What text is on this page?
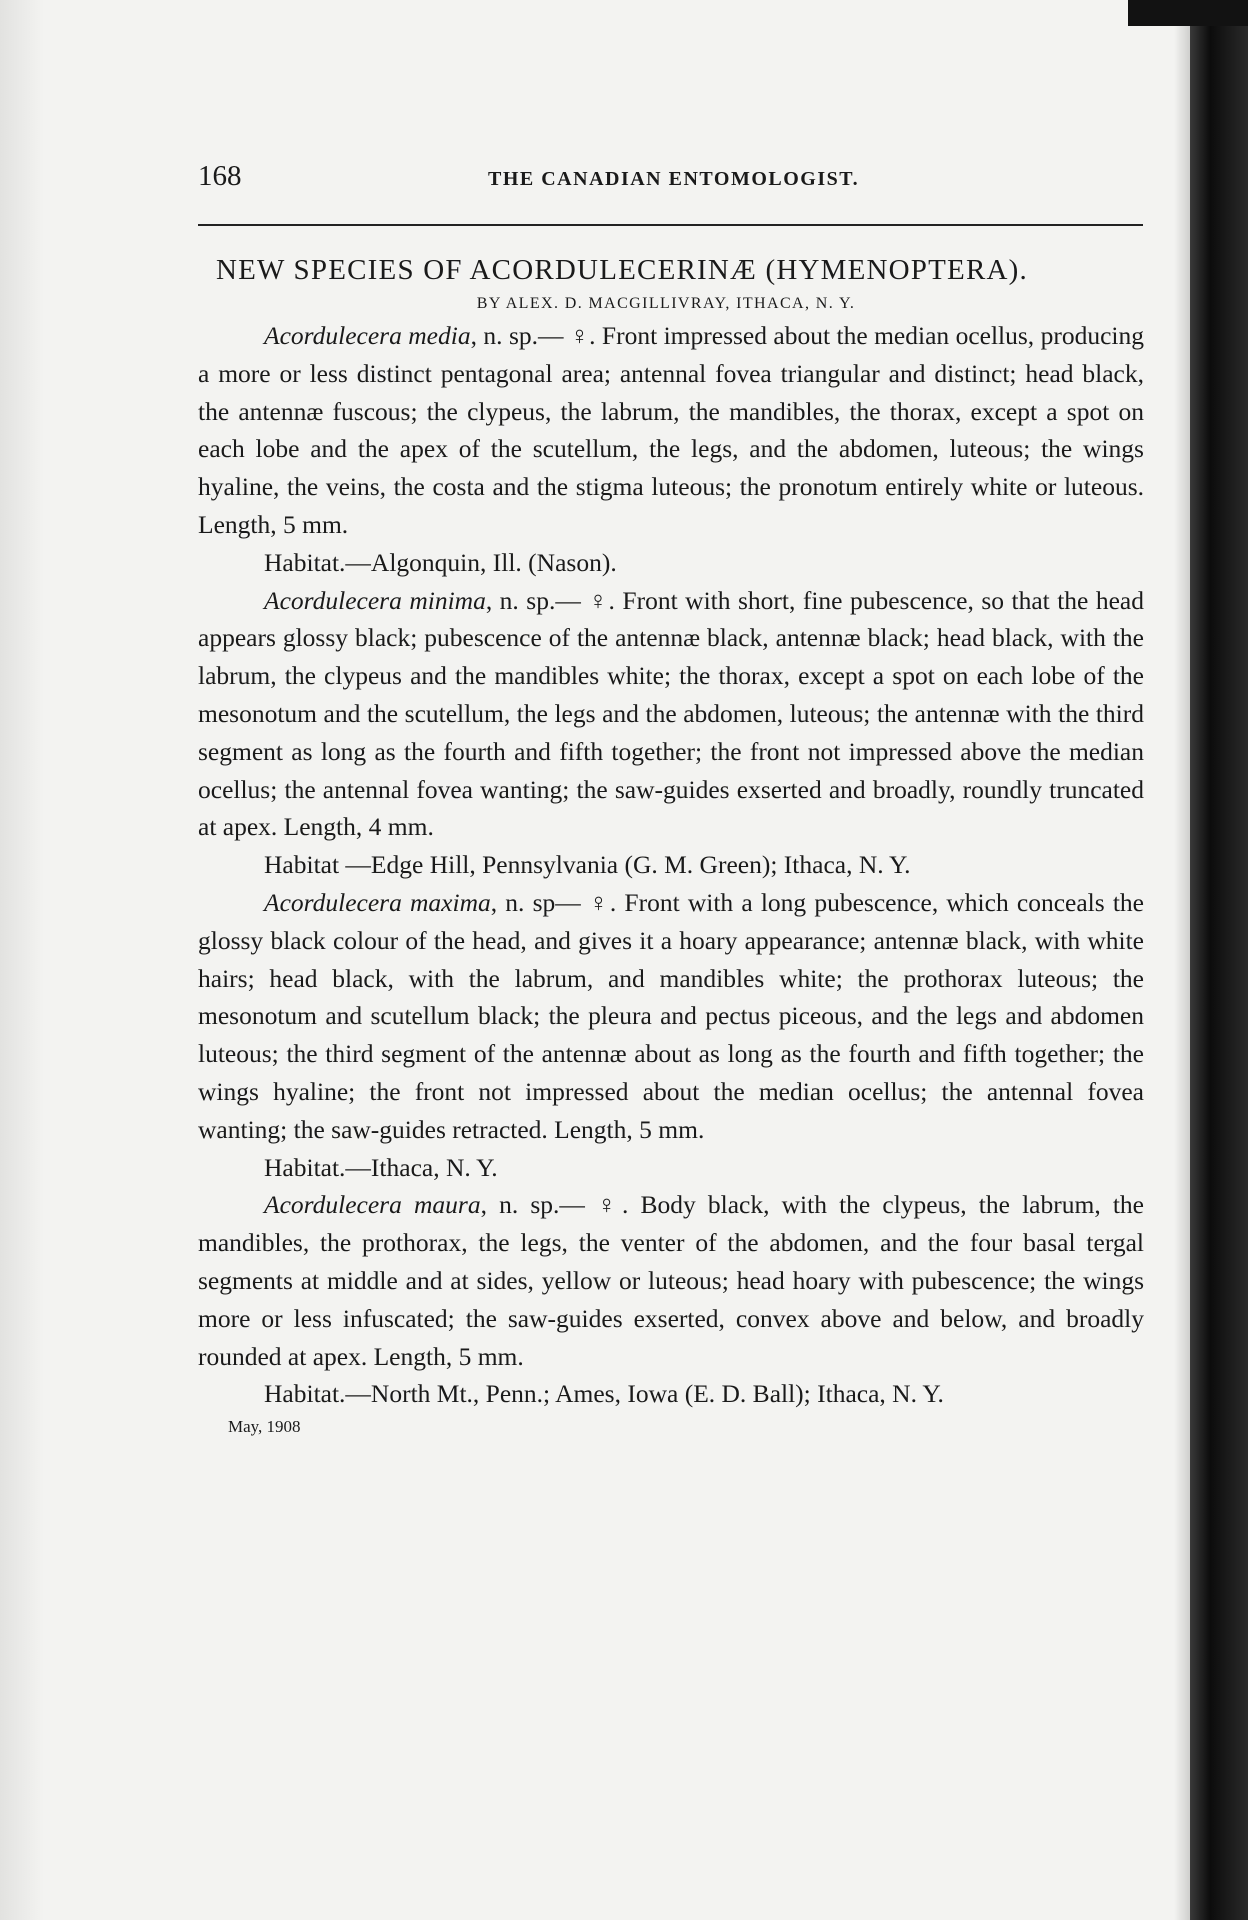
168	THE CANADIAN ENTOMOLOGIST.
NEW SPECIES OF ACORDULECERINÆ (HYMENOPTERA).
BY ALEX. D. MACGILLIVRAY, ITHACA, N. Y.

Acordulecera media, n. sp.— ♀. Front impressed about the median ocellus, producing a more or less distinct pentagonal area; antennal fovea triangular and distinct; head black, the antennæ fuscous; the clypeus, the labrum, the mandibles, the thorax, except a spot on each lobe and the apex of the scutellum, the legs, and the abdomen, luteous; the wings hyaline, the veins, the costa and the stigma luteous; the pronotum entirely white or luteous. Length, 5 mm.

Habitat.—Algonquin, Ill. (Nason).

Acordulecera minima, n. sp.— ♀. Front with short, fine pubescence, so that the head appears glossy black; pubescence of the antennæ black, antennæ black; head black, with the labrum, the clypeus and the mandibles white; the thorax, except a spot on each lobe of the mesonotum and the scutellum, the legs and the abdomen, luteous; the antennæ with the third segment as long as the fourth and fifth together; the front not impressed above the median ocellus; the antennal fovea wanting; the saw-guides exserted and broadly, roundly truncated at apex. Length, 4 mm.

Habitat —Edge Hill, Pennsylvania (G. M. Green); Ithaca, N. Y.

Acordulecera maxima, n. sp— ♀. Front with a long pubescence, which conceals the glossy black colour of the head, and gives it a hoary appearance; antennæ black, with white hairs; head black, with the labrum, and mandibles white; the prothorax luteous; the mesonotum and scutellum black; the pleura and pectus piceous, and the legs and abdomen luteous; the third segment of the antennæ about as long as the fourth and fifth together; the wings hyaline; the front not impressed about the median ocellus; the antennal fovea wanting; the saw-guides retracted. Length, 5 mm.

Habitat.—Ithaca, N. Y.

Acordulecera maura, n. sp.— ♀. Body black, with the clypeus, the labrum, the mandibles, the prothorax, the legs, the venter of the abdomen, and the four basal tergal segments at middle and at sides, yellow or luteous; head hoary with pubescence; the wings more or less infuscated; the saw-guides exserted, convex above and below, and broadly rounded at apex. Length, 5 mm.

Habitat.—North Mt., Penn.; Ames, Iowa (E. D. Ball); Ithaca, N. Y.

May, 1908
